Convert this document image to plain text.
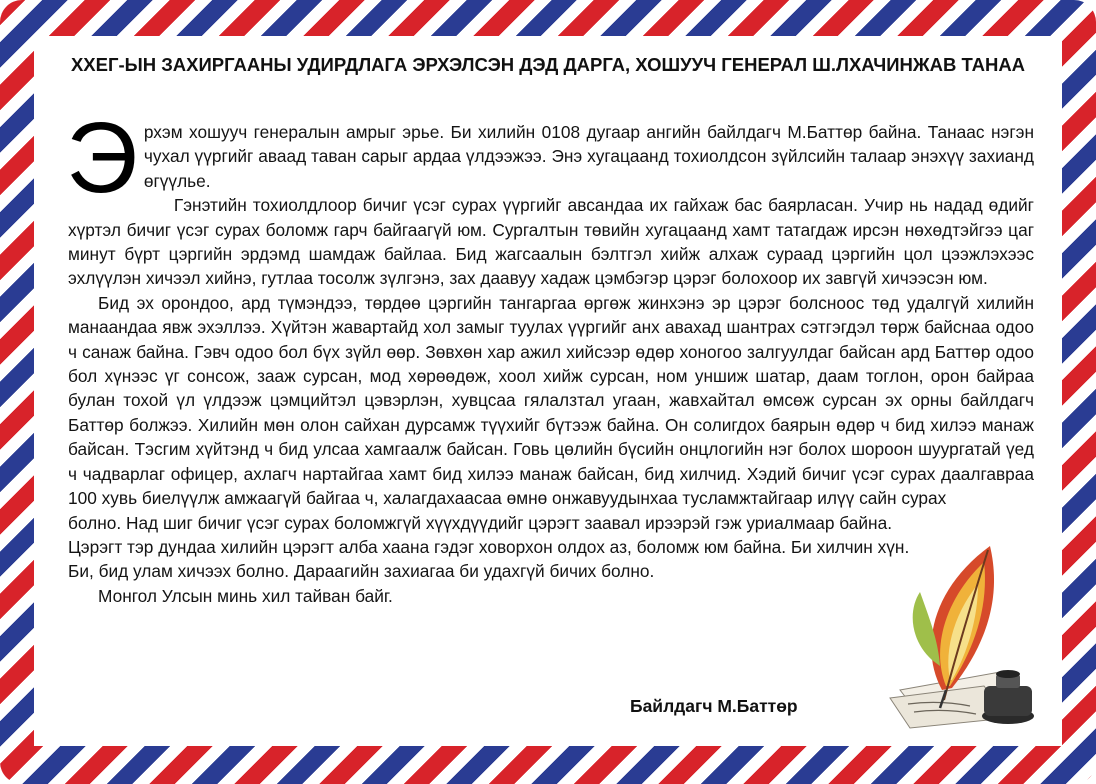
ХХЕГ-ЫН ЗАХИРГААНЫ УДИРДЛАГА ЭРХЭЛСЭН ДЭД ДАРГА, ХОШУУЧ ГЕНЕРАЛ Ш.ЛХАЧИНЖАВ ТАНАА

Эрхэм хошууч генералын амрыг эрье. Би хилийн 0108 дугаар ангийн байлдагч М.Баттөр байна. Танаас нэгэн чухал үүргийг аваад таван сарыг ардаа үлдээжээ. Энэ хугацаанд тохиолдсон зүйлсийн талаар энэхүү захианд өгүүлье.

Гэнэтийн тохиолдлоор бичиг үсэг сурах үүргийг авсандаа их гайхаж бас баярласан. Учир нь надад өдийг хүртэл бичиг үсэг сурах боломж гарч байгаагүй юм. Сургалтын төвийн хугацаанд хамт татагдаж ирсэн нөхөдтэйгээ цаг минут бүрт цэргийн эрдэмд шамдаж байлаа. Бид жагсаалын бэлтгэл хийж алхаж сураад цэргийн цол цээжлэхээс эхлүүлэн хичээл хийнэ, гутлаа тосолж зүлгэнэ, зах даавуу хадаж цэмбэгэр цэрэг болохоор их завгүй хичээсэн юм.

Бид эх орондоо, ард түмэндээ, төрдөө цэргийн тангаргаа өргөж жинхэнэ эр цэрэг болсноос төд удалгүй хилийн манаандаа явж эхэллээ. Хүйтэн жавартайд хол замыг туулах үүргийг анх авахад шантрах сэтгэгдэл төрж байснаа одоо ч санаж байна. Гэвч одоо бол бүх зүйл өөр. Зөвхөн хар ажил хийсээр өдөр хоногоо залгуулдаг байсан ард Баттөр одоо бол хүнээс үг сонсож, зааж сурсан, мод хөрөөдөж, хоол хийж сурсан, ном уншиж шатар, даам тоглон, орон байраа булан тохой үл үлдээж цэмцийтэл цэвэрлэн, хувцсаа гялалзтал угаан, жавхайтал өмсөж сурсан эх орны байлдагч Баттөр болжээ. Хилийн мөн олон сайхан дурсамж түүхийг бүтээж байна. Он солигдох баярын өдөр ч бид хилээ манаж байсан. Тэсгим хүйтэнд ч бид улсаа хамгаалж байсан. Говь цөлийн бүсийн онцлогийн нэг болох шороон шуургатай үед ч чадварлаг офицер, ахлагч нартайгаа хамт бид хилээ манаж байсан, бид хилчид. Хэдий бичиг үсэг сурах даалгавраа 100 хувь биелүүлж амжаагүй байгаа ч, халагдахаасаа өмнө онжавуудынхаа тусламжтайгаар илүү сайн сурах

болно. Над шиг бичиг үсэг сурах боломжгүй хүүхдүүдийг цэрэгт заавал ирээрэй гэж уриалмаар байна. Цэрэгт тэр дундаа хилийн цэрэгт алба хаана гэдэг ховорхон олдох аз, боломж юм байна. Би хилчин хүн. Би, бид улам хичээх болно. Дараагийн захиагаа би удахгүй бичих болно.

Монгол Улсын минь хил тайван байг.

Байлдагч М.Баттөр
